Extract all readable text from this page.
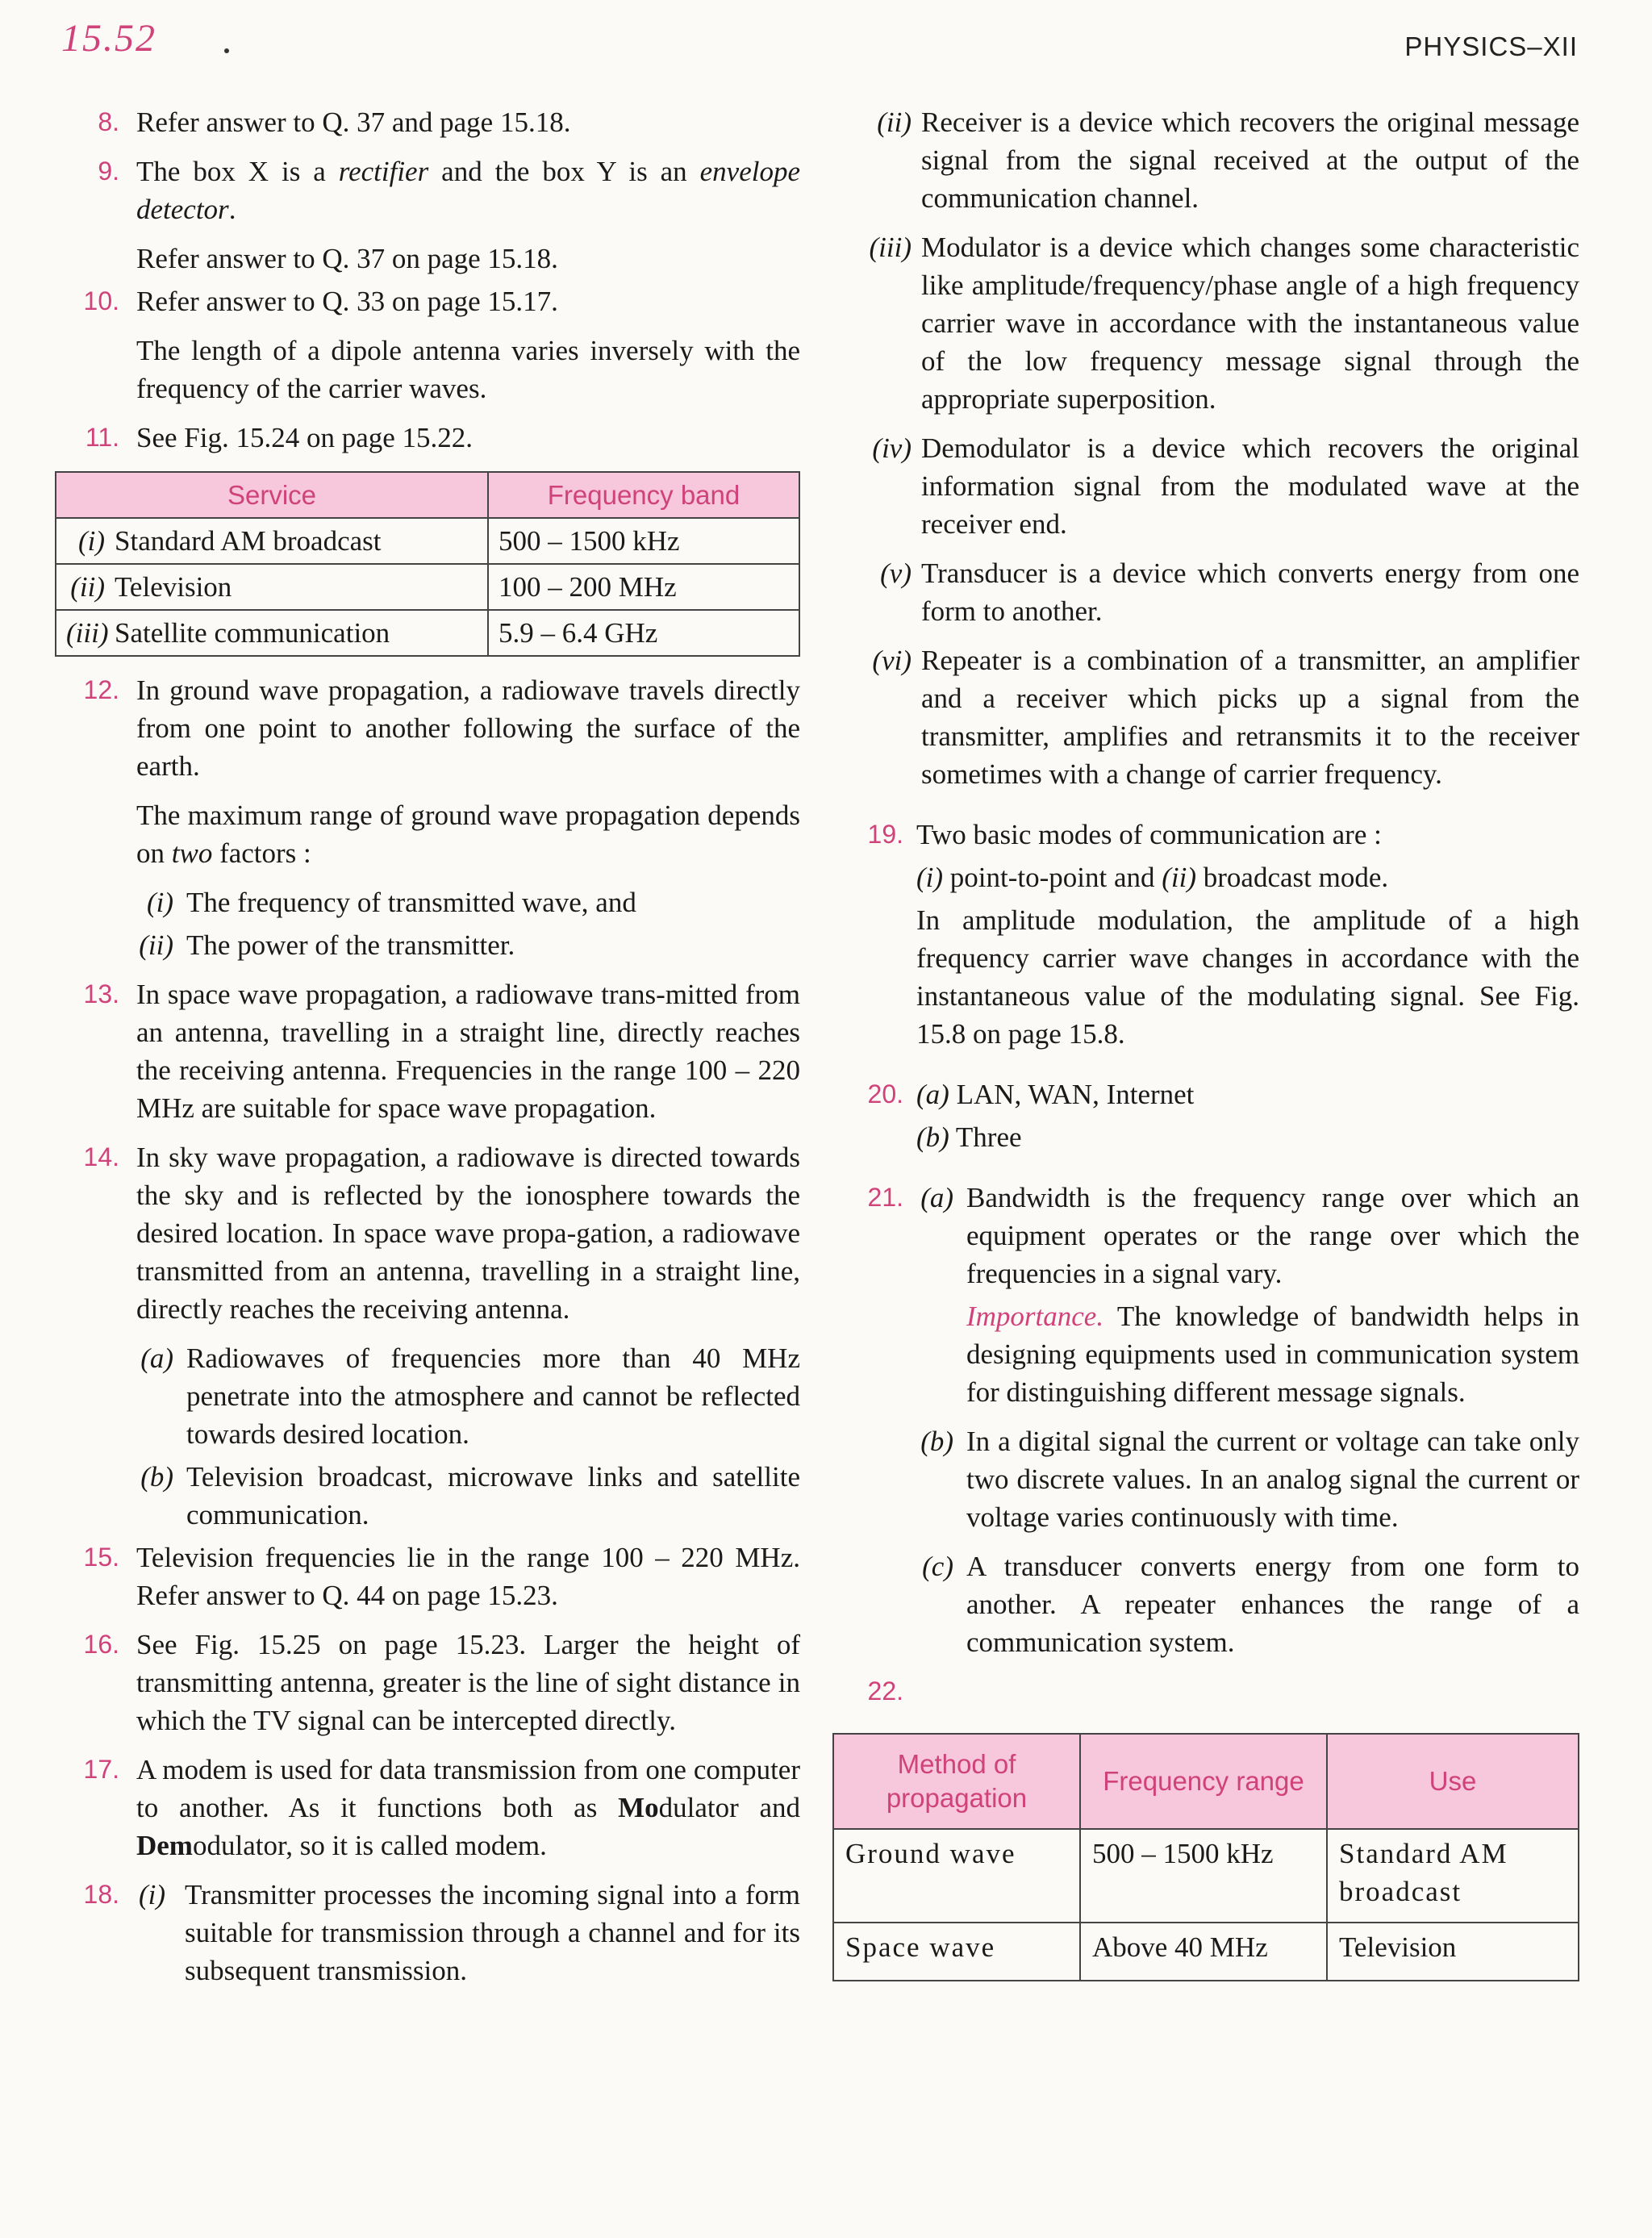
15.52	PHYSICS–XII
8. Refer answer to Q. 37 and page 15.18.
9. The box X is a rectifier and the box Y is an envelope detector.
Refer answer to Q. 37 on page 15.18.
10. Refer answer to Q. 33 on page 15.17.
The length of a dipole antenna varies inversely with the frequency of the carrier waves.
11. See Fig. 15.24 on page 15.22.
Service	Frequency band
(i) Standard AM broadcast	500 – 1500 kHz
(ii) Television	100 – 200 MHz
(iii) Satellite communication	5.9 – 6.4 GHz
12. In ground wave propagation, a radiowave travels directly from one point to another following the surface of the earth.
The maximum range of ground wave propagation depends on two factors :
(i) The frequency of transmitted wave, and
(ii) The power of the transmitter.
13. In space wave propagation, a radiowave trans-mitted from an antenna, travelling in a straight line, directly reaches the receiving antenna. Frequencies in the range 100 – 220 MHz are suitable for space wave propagation.
14. In sky wave propagation, a radiowave is directed towards the sky and is reflected by the ionosphere towards the desired location. In space wave propa-gation, a radiowave transmitted from an antenna, travelling in a straight line, directly reaches the receiving antenna.
(a) Radiowaves of frequencies more than 40 MHz penetrate into the atmosphere and cannot be reflected towards desired location.
(b) Television broadcast, microwave links and satellite communication.
15. Television frequencies lie in the range 100 – 220 MHz. Refer answer to Q. 44 on page 15.23.
16. See Fig. 15.25 on page 15.23. Larger the height of transmitting antenna, greater is the line of sight distance in which the TV signal can be intercepted directly.
17. A modem is used for data transmission from one computer to another. As it functions both as Modulator and Demodulator, so it is called modem.
18. (i) Transmitter processes the incoming signal into a form suitable for transmission through a channel and for its subsequent transmission.
(ii) Receiver is a device which recovers the original message signal from the signal received at the output of the communication channel.
(iii) Modulator is a device which changes some characteristic like amplitude/frequency/phase angle of a high frequency carrier wave in accordance with the instantaneous value of the low frequency message signal through the appropriate superposition.
(iv) Demodulator is a device which recovers the original information signal from the modulated wave at the receiver end.
(v) Transducer is a device which converts energy from one form to another.
(vi) Repeater is a combination of a transmitter, an amplifier and a receiver which picks up a signal from the transmitter, amplifies and retransmits it to the receiver sometimes with a change of carrier frequency.
19. Two basic modes of communication are :
(i) point-to-point and (ii) broadcast mode.
In amplitude modulation, the amplitude of a high frequency carrier wave changes in accordance with the instantaneous value of the modulating signal. See Fig. 15.8 on page 15.8.
20. (a) LAN, WAN, Internet
(b) Three
21. (a) Bandwidth is the frequency range over which an equipment operates or the range over which the frequencies in a signal vary.
Importance. The knowledge of bandwidth helps in designing equipments used in communication system for distinguishing different message signals.
(b) In a digital signal the current or voltage can take only two discrete values. In an analog signal the current or voltage varies continuously with time.
(c) A transducer converts energy from one form to another. A repeater enhances the range of a communication system.
22.

Method of propagation	Frequency range	Use
Ground wave	500 – 1500 kHz	Standard AM broadcast
Space wave	Above 40 MHz	Television
